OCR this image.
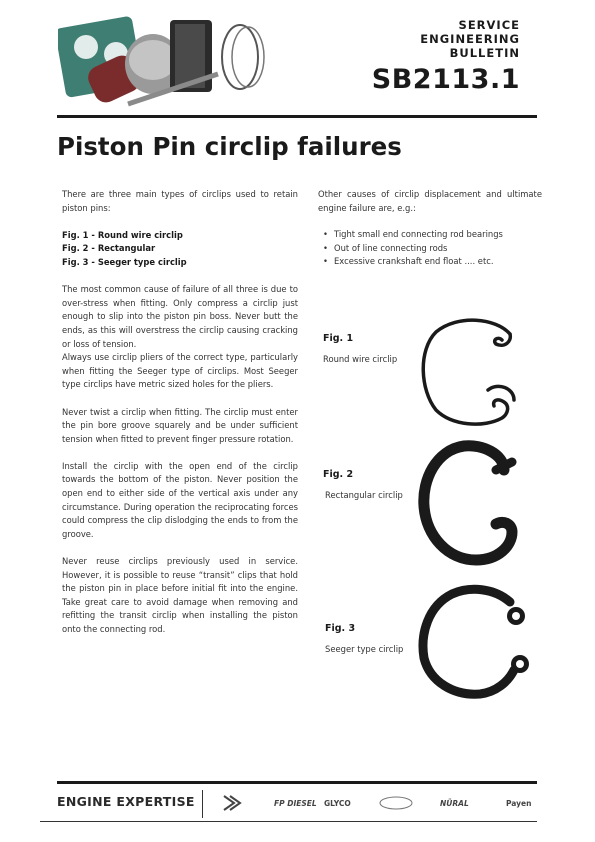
SERVICE
ENGINEERING
BULLETIN
SB2113.1
Piston Pin circlip failures

There are three main types of circlips used to retain piston pins:

Fig. 1 - Round wire circlip
Fig. 2 - Rectangular
Fig. 3 - Seeger type circlip

The most common cause of failure of all three is due to over-stress when fitting. Only compress a circlip just enough to slip into the piston pin boss. Never butt the ends, as this will overstress the circlip causing cracking or loss of tension.

Always use circlip pliers of the correct type, particularly when fitting the Seeger type of circlips. Most Seeger type circlips have metric sized holes for the pliers.

Never twist a circlip when fitting. The circlip must enter the pin bore groove squarely and be under sufficient tension when fitted to prevent finger pressure rotation.

Install the circlip with the open end of the circlip towards the bottom of the piston. Never position the open end to either side of the vertical axis under any circumstance. During operation the reciprocating forces could compress the clip dislodging the ends to from the groove.

Never reuse circlips previously used in service. However, it is possible to reuse “transit” clips that hold the piston pin in place before initial fit into the engine. Take great care to avoid damage when removing and refitting the transit circlip when installing the piston onto the connecting rod.

Other causes of circlip displacement and ultimate engine failure are, e.g.:

• Tight small end connecting rod bearings
• Out of line connecting rods
• Excessive crankshaft end float .... etc.
Fig. 1
Round wire circlip
Fig. 2
Rectangular circlip
Fig. 3
Seeger type circlip
ENGINE EXPERTISE	FP DIESEL GLYCO	NÜRAL	Payen
